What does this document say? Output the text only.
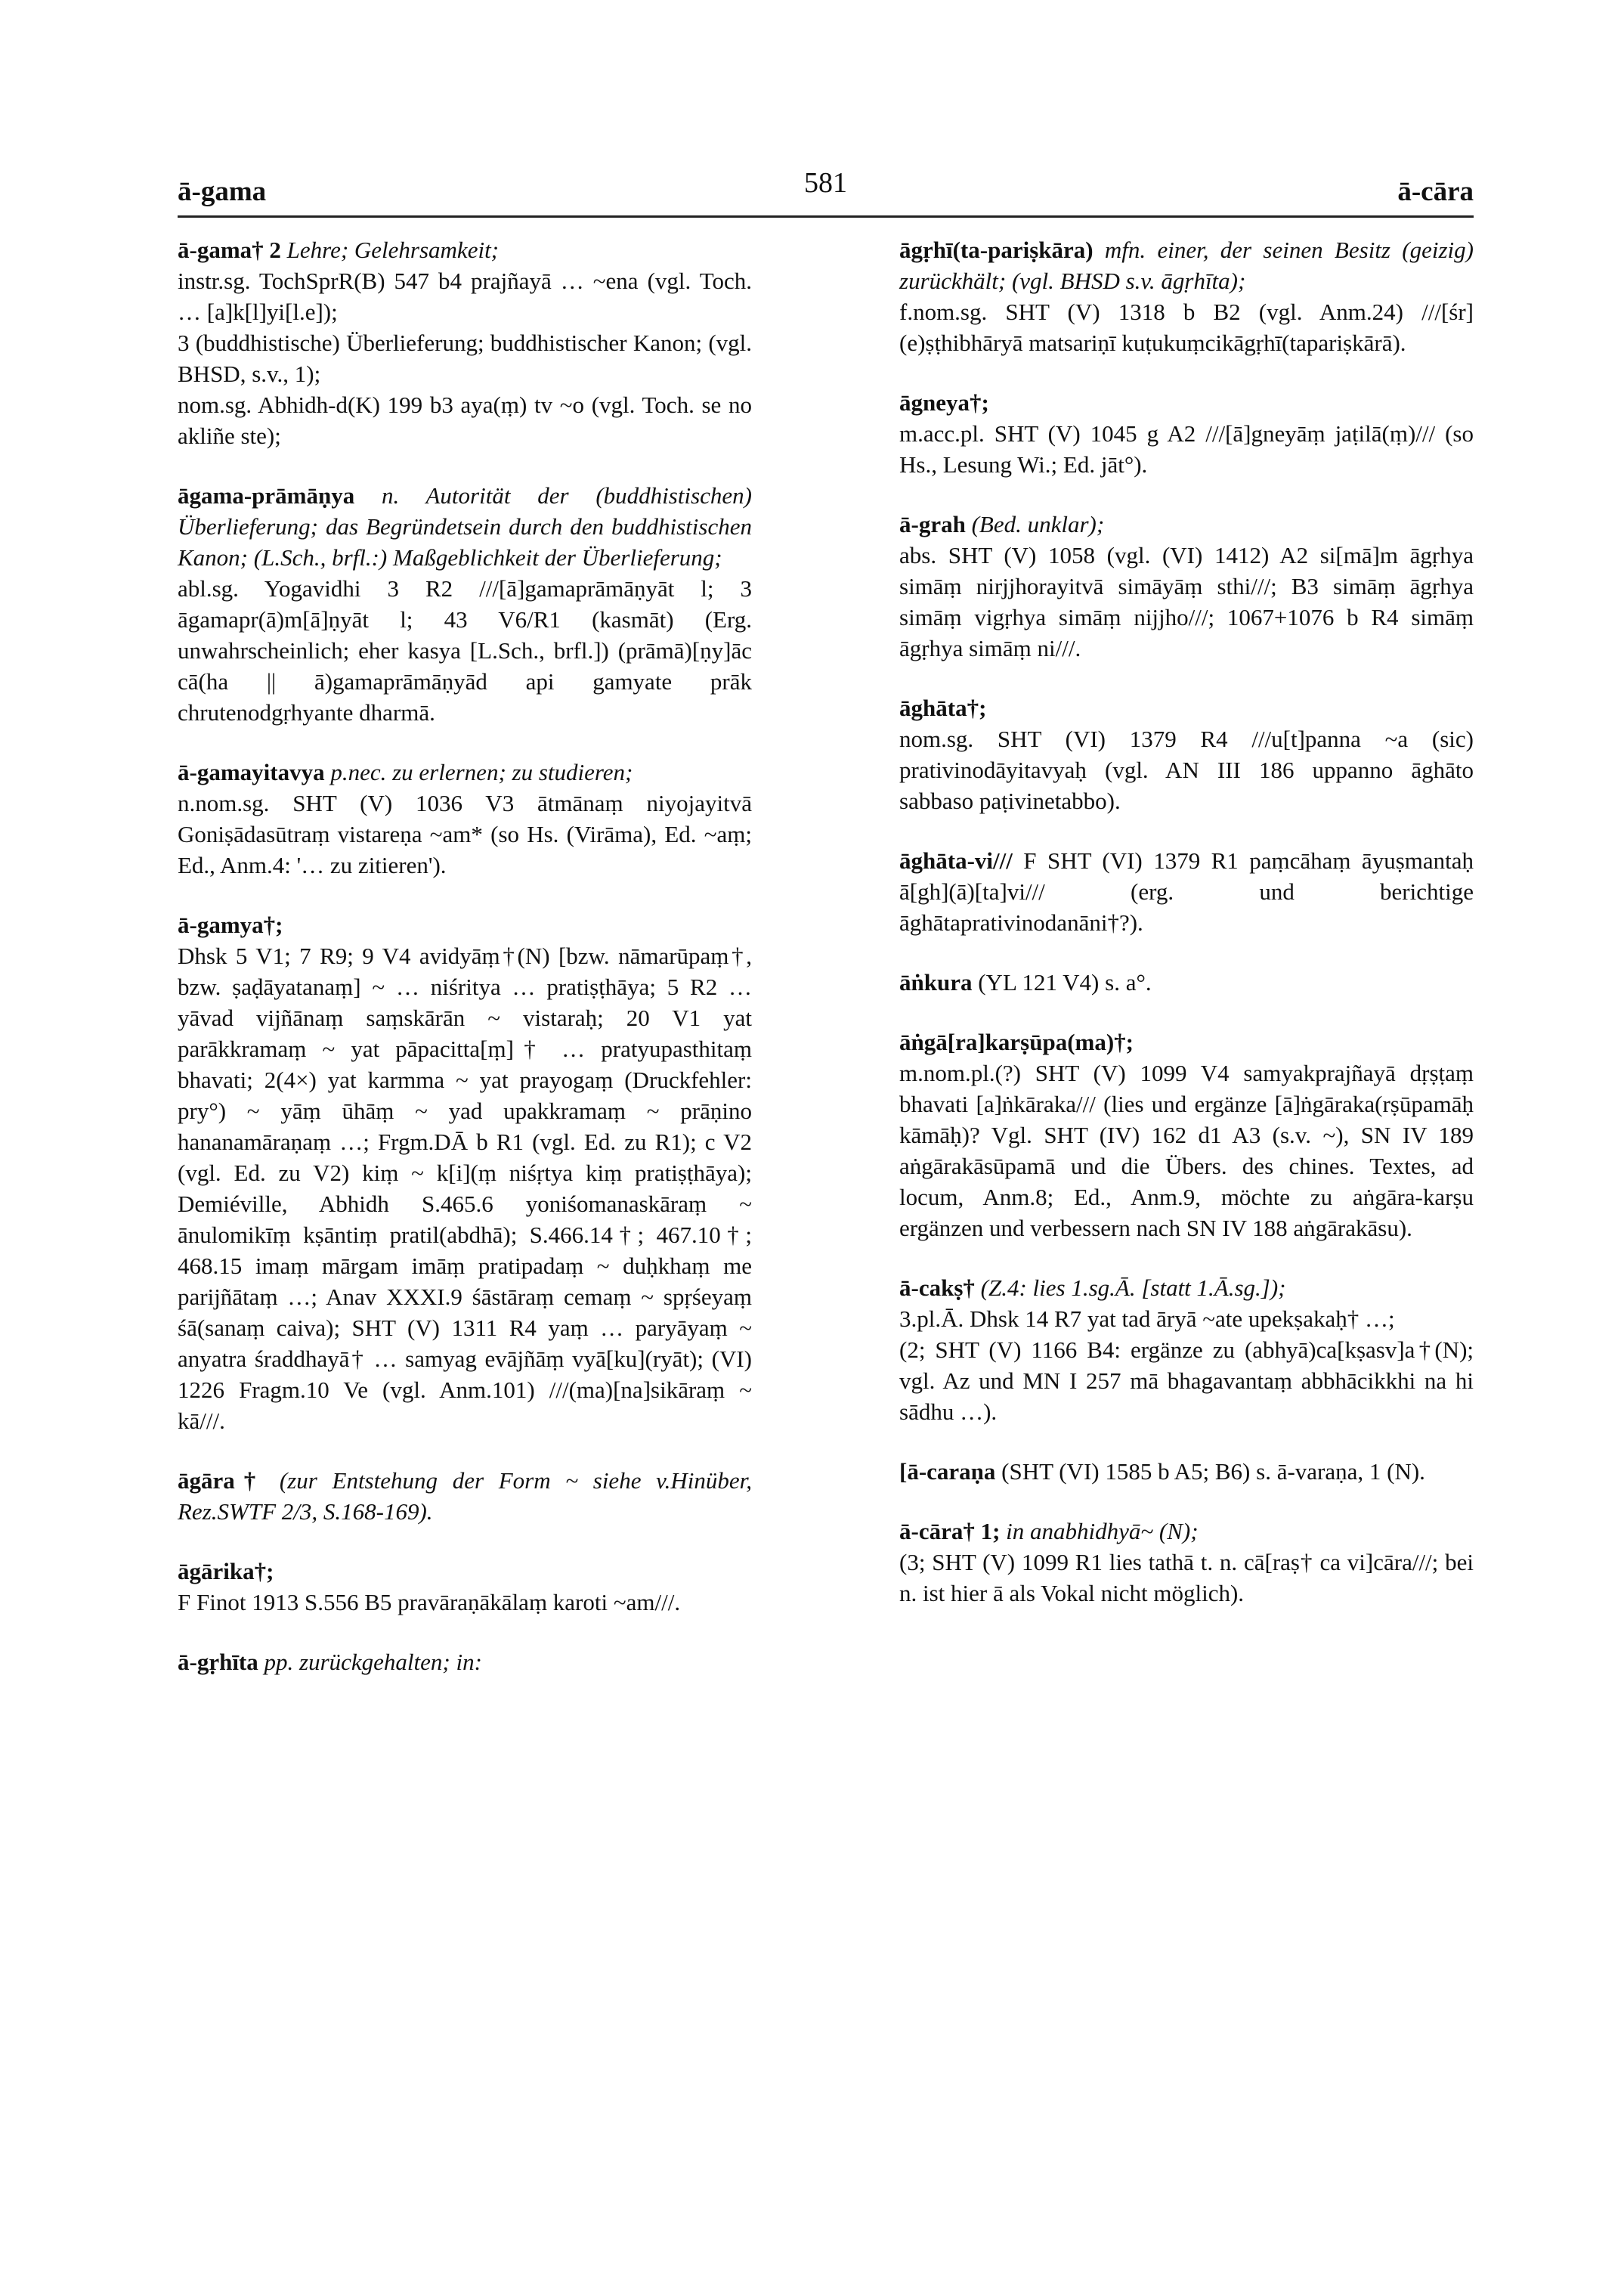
ā-gama	581	ā-cāra

ā-gama† 2 Lehre; Gelehrsamkeit;

instr.sg. TochSprR(B) 547 b4 prajñayā … ~ena (vgl. Toch. … [a]k[l]yi[l.e]);

3 (buddhistische) Überlieferung; buddhistischer Kanon; (vgl. BHSD, s.v., 1);

nom.sg. Abhidh-d(K) 199 b3 aya(ṃ) tv ~o (vgl. Toch. se no akliñe ste);

āgama-prāmāṇya n. Autorität der (buddhistischen) Überlieferung; das Begründetsein durch den buddhistischen Kanon; (L.Sch., brfl.:) Maßgeblichkeit der Überlieferung;

abl.sg. Yogavidhi 3 R2 ///[ā]gamaprāmāṇyāt l; 3 āgamapr(ā)m[ā]ṇyāt l; 43 V6/R1 (kasmāt) (Erg. unwahrscheinlich; eher kasya [L.Sch., brfl.]) (prāmā)[ṇy]āc cā(ha || ā)gamaprāmāṇyād api gamyate prāk chrutenodgṛhyante dharmā.

ā-gamayitavya p.nec. zu erlernen; zu studieren;

n.nom.sg. SHT (V) 1036 V3 ātmānaṃ niyojayitvā Goniṣādasūtraṃ vistareṇa ~am* (so Hs. (Virāma), Ed. ~aṃ; Ed., Anm.4: '… zu zitieren').

ā-gamya†;

Dhsk 5 V1; 7 R9; 9 V4 avidyāṃ†(N) [bzw. nāmarūpaṃ†, bzw. ṣaḍāyatanaṃ] ~ … niśritya … pratiṣṭhāya; 5 R2 … yāvad vijñānaṃ saṃskārān ~ vistaraḥ; 20 V1 yat parākkramaṃ ~ yat pāpacitta[ṃ]† … pratyupasthitaṃ bhavati; 2(4×) yat karmma ~ yat prayogaṃ (Druckfehler: pry°) ~ yāṃ ūhāṃ ~ yad upakkramaṃ ~ prāṇino hananamāraṇaṃ …; Frgm.DĀ b R1 (vgl. Ed. zu R1); c V2 (vgl. Ed. zu V2) kiṃ ~ k[i](ṃ niśṛtya kiṃ pratiṣṭhāya); Demiéville, Abhidh S.465.6 yoniśomanaskāraṃ ~ ānulomikīṃ kṣāntiṃ pratil(abdhā); S.466.14†; 467.10†; 468.15 imaṃ mārgam imāṃ pratipadaṃ ~ duḥkhaṃ me parijñātaṃ …; Anav XXXI.9 śāstāraṃ cemaṃ ~ spṛśeyaṃ śā(sanaṃ caiva); SHT (V) 1311 R4 yaṃ … paryāyaṃ ~ anyatra śraddhayā† … samyag evājñāṃ vyā[ku](ryāt); (VI) 1226 Fragm.10 Ve (vgl. Anm.101) ///(ma)[na]sikāraṃ ~ kā///.

āgāra† (zur Entstehung der Form ~ siehe v.Hinüber, Rez.SWTF 2/3, S.168-169).

āgārika†;

F Finot 1913 S.556 B5 pravāraṇākālaṃ karoti ~am///.

ā-gṛhīta pp. zurückgehalten; in:

āgṛhī(ta-pariṣkāra) mfn. einer, der seinen Besitz (geizig) zurückhält; (vgl. BHSD s.v. āgṛhīta);

f.nom.sg. SHT (V) 1318 b B2 (vgl. Anm.24) ///[śr](e)ṣṭhibhāryā matsariṇī kuṭukuṃcikāgṛhī(tapariṣkārā).

āgneya†;

m.acc.pl. SHT (V) 1045 g A2 ///[ā]gneyāṃ jaṭilā(ṃ)/// (so Hs., Lesung Wi.; Ed. jāt°).

ā-grah (Bed. unklar);

abs. SHT (V) 1058 (vgl. (VI) 1412) A2 si[mā]m āgṛhya simāṃ nirjjhorayitvā simāyāṃ sthi///; B3 simāṃ āgṛhya simāṃ vigṛhya simāṃ nijjho///; 1067+1076 b R4 simāṃ āgṛhya simāṃ ni///.

āghāta†;

nom.sg. SHT (VI) 1379 R4 ///u[t]panna ~a (sic) prativinodāyitavyaḥ (vgl. AN III 186 uppanno āghāto sabbaso paṭivinetabbo).

āghāta-vi/// F SHT (VI) 1379 R1 paṃcāhaṃ āyuṣmantaḥ ā[gh](ā)[ta]vi/// (erg. und berichtige āghātaprativinodanāni†?).

āṅkura (YL 121 V4) s. a°.

āṅgā[ra]karṣūpa(ma)†;

m.nom.pl.(?) SHT (V) 1099 V4 samyakprajñayā dṛṣṭaṃ bhavati [a]ṅkāraka/// (lies und ergänze [ā]ṅgāraka(rṣūpamāḥ kāmāḥ)? Vgl. SHT (IV) 162 d1 A3 (s.v. ~), SN IV 189 aṅgārakāsūpamā und die Übers. des chines. Textes, ad locum, Anm.8; Ed., Anm.9, möchte zu aṅgāra-karṣu ergänzen und verbessern nach SN IV 188 aṅgārakāsu).

ā-cakṣ† (Z.4: lies 1.sg.Ā. [statt 1.Ā.sg.]);

3.pl.Ā. Dhsk 14 R7 yat tad āryā ~ate upekṣakaḥ† …;

(2; SHT (V) 1166 B4: ergänze zu (abhyā)ca[kṣasv]a†(N); vgl. Az und MN I 257 mā bhagavantaṃ abbhācikkhi na hi sādhu …).

[ā-caraṇa (SHT (VI) 1585 b A5; B6) s. ā-varaṇa, 1 (N).

ā-cāra† 1; in anabhidhyā~ (N);

(3; SHT (V) 1099 R1 lies tathā t. n. cā[raṣ† ca vi]cāra///; bei n. ist hier ā als Vokal nicht möglich).
